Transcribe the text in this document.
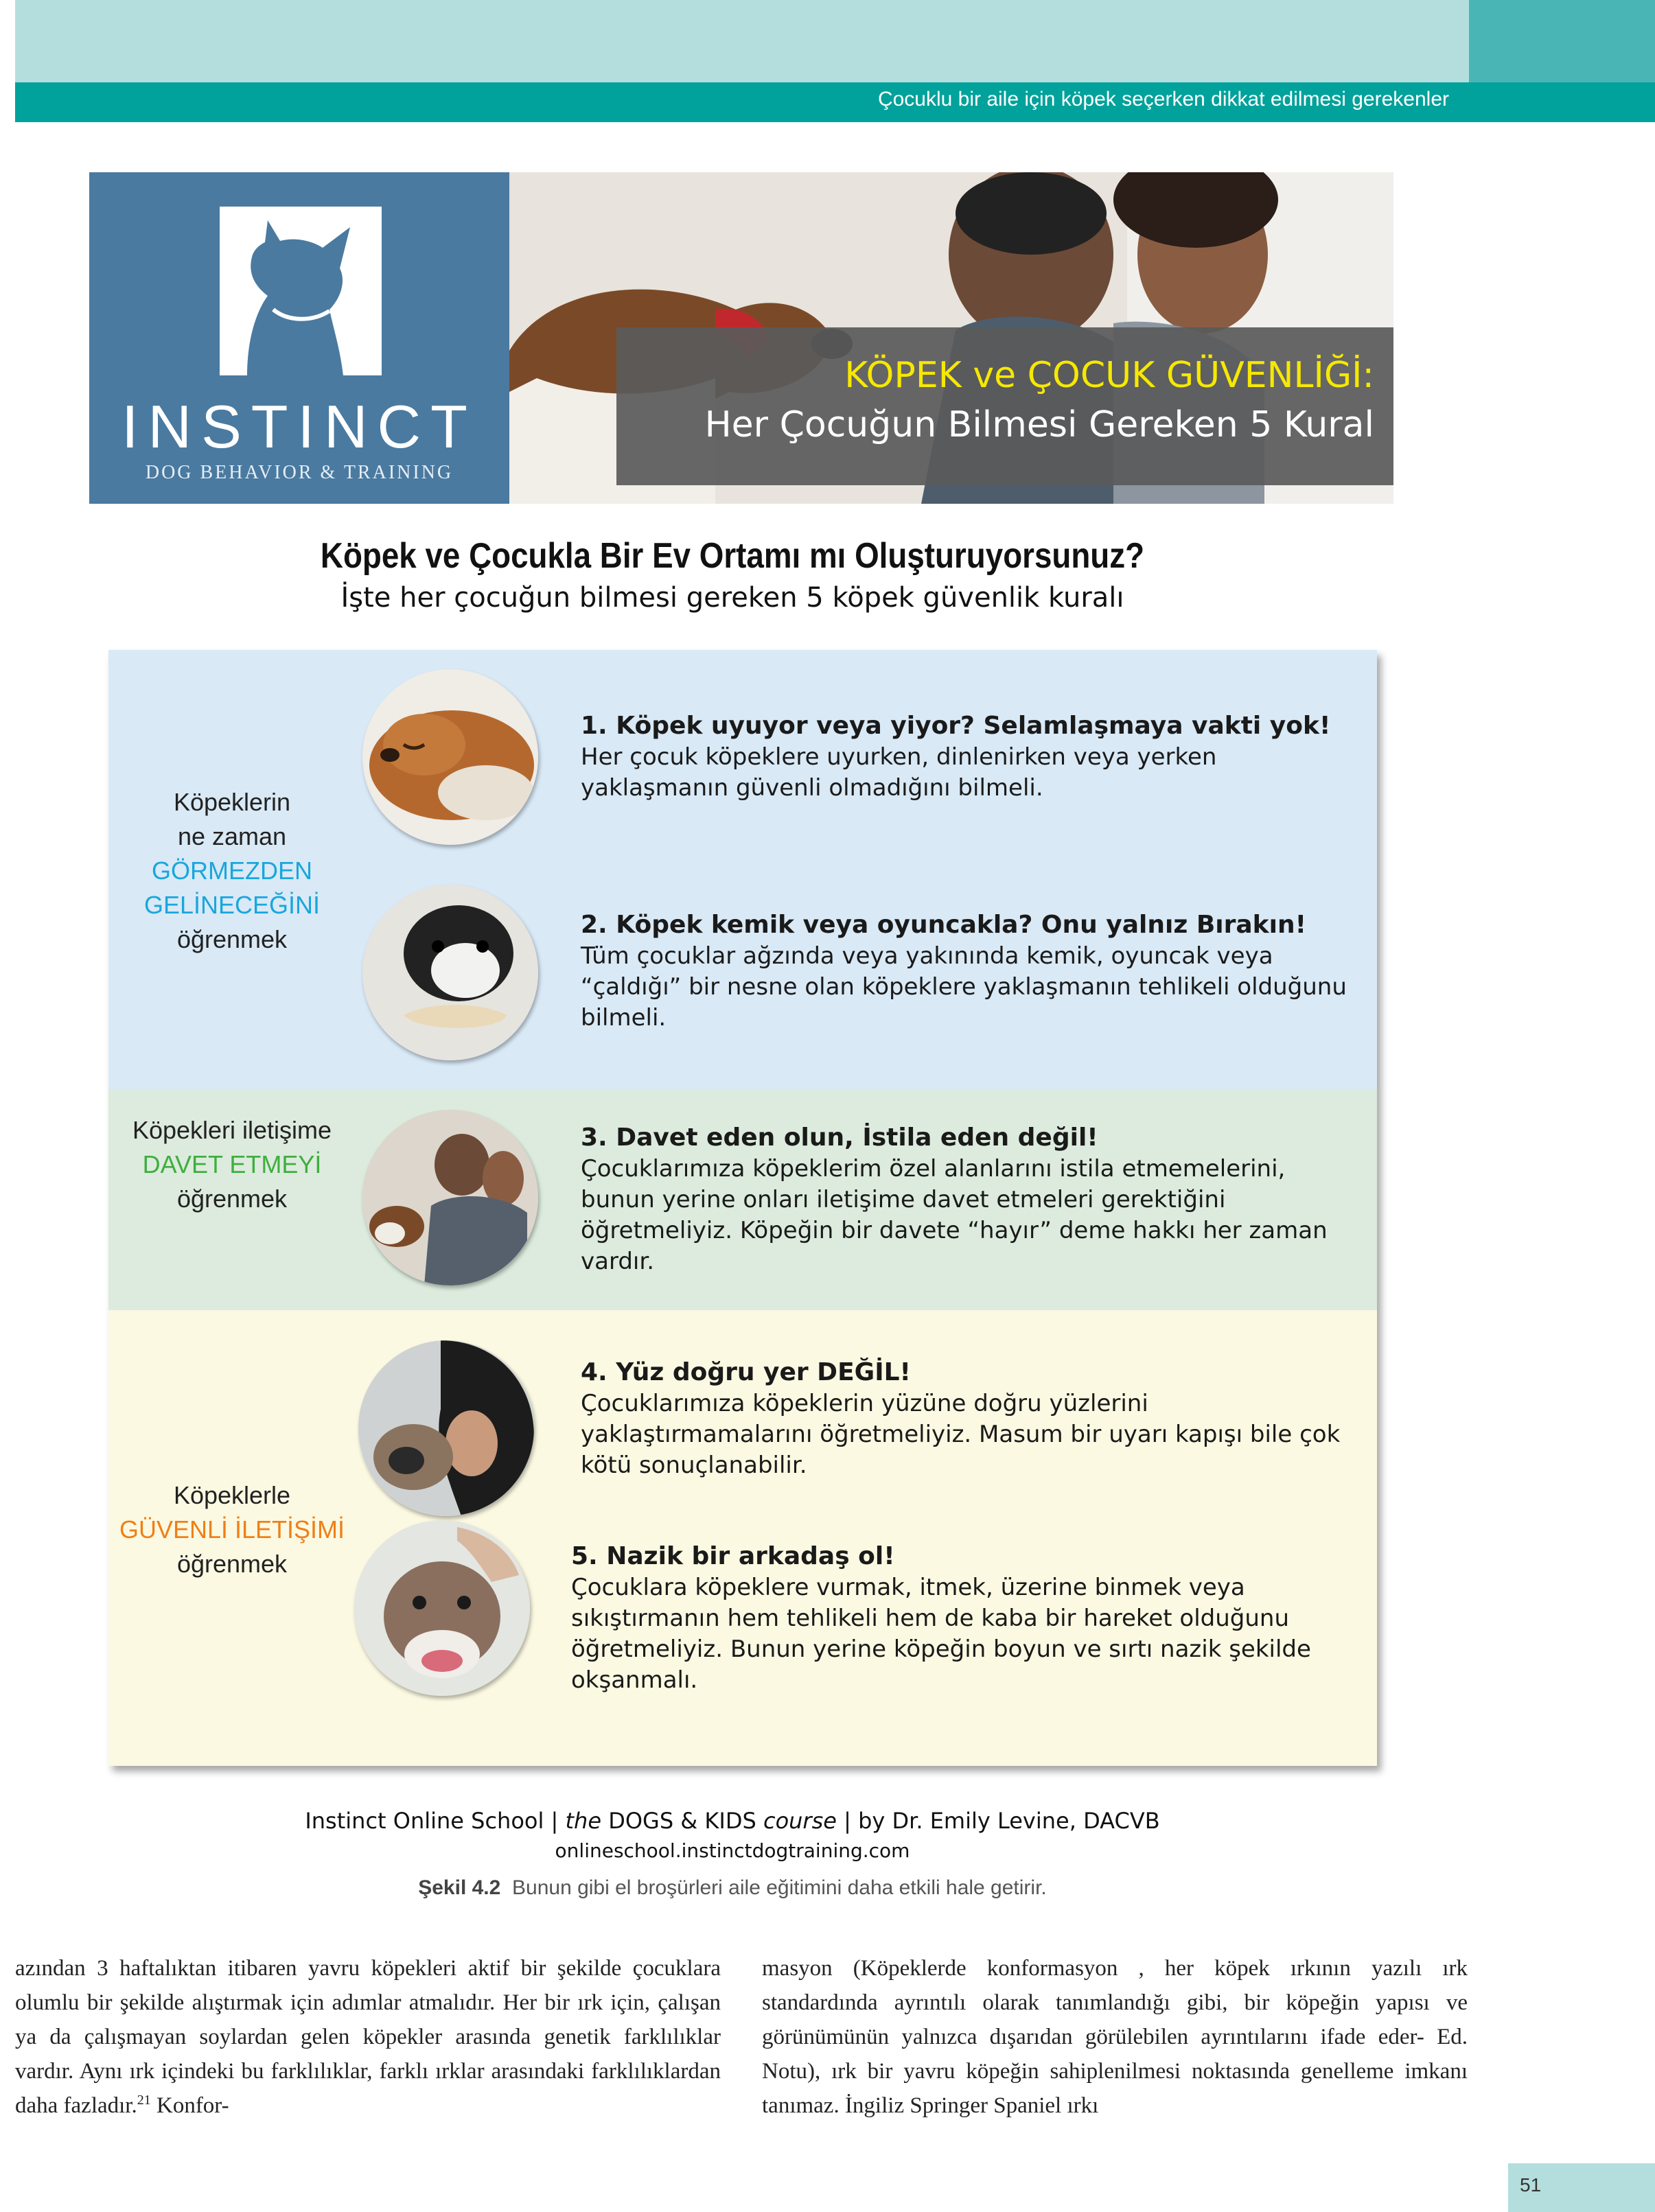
Çocuklu bir aile için köpek seçerken dikkat edilmesi gerekenler
INSTINCT
DOG BEHAVIOR & TRAINING
KÖPEK ve ÇOCUK GÜVENLİĞİ:
Her Çocuğun Bilmesi Gereken 5 Kural
Köpek ve Çocukla Bir Ev Ortamı mı Oluşturuyorsunuz?
İşte her çocuğun bilmesi gereken 5 köpek güvenlik kuralı
Köpeklerin
ne zaman
GÖRMEZDEN
GELİNECEĞİNİ
öğrenmek
1. Köpek uyuyor veya yiyor? Selamlaşmaya vakti yok!
Her çocuk köpeklere uyurken, dinlenirken veya yerken yaklaşmanın güvenli olmadığını bilmeli.
2. Köpek kemik veya oyuncakla? Onu yalnız Bırakın!
Tüm çocuklar ağzında veya yakınında kemik, oyuncak veya “çaldığı” bir nesne olan köpeklere yaklaşmanın tehlikeli olduğunu bilmeli.
Köpekleri iletişime
DAVET ETMEYİ
öğrenmek
3. Davet eden olun, İstila eden değil!
Çocuklarımıza köpeklerim özel alanlarını istila etmemelerini, bunun yerine onları iletişime davet etmeleri gerektiğini öğretmeliyiz. Köpeğin bir davete “hayır” deme hakkı her zaman vardır.
Köpeklerle
GÜVENLİ İLETİŞİMİ
öğrenmek
4. Yüz doğru yer DEĞİL!
Çocuklarımıza köpeklerin yüzüne doğru yüzlerini yaklaştırmamalarını öğretmeliyiz. Masum bir uyarı kapışı bile çok kötü sonuçlanabilir.
5. Nazik bir arkadaş ol!
Çocuklara köpeklere vurmak, itmek, üzerine binmek veya sıkıştırmanın hem tehlikeli hem de kaba bir hareket olduğunu öğretmeliyiz. Bunun yerine köpeğin boyun ve sırtı nazik şekilde okşanmalı.
Instinct Online School | the DOGS & KIDS course | by Dr. Emily Levine, DACVB
onlineschool.instinctdogtraining.com
Şekil 4.2 Bunun gibi el broşürleri aile eğitimini daha etkili hale getirir.
azından 3 haftalıktan itibaren yavru köpekleri aktif bir şekilde çocuklara olumlu bir şekilde alıştırmak için adımlar atmalıdır. Her bir ırk için, çalışan ya da çalışmayan soylardan gelen köpekler arasında genetik farklılıklar vardır. Aynı ırk içindeki bu farklılıklar, farklı ırklar arasındaki farklılıklardan daha fazladır.$^{21}$ Konfor-
masyon (Köpeklerde konformasyon , her köpek ırkının yazılı ırk standardında ayrıntılı olarak tanımlandığı gibi, bir köpeğin yapısı ve görünümünün yalnızca dışarıdan görülebilen ayrıntılarını ifade eder- Ed. Notu), ırk bir yavru köpeğin sahiplenilmesi noktasında genelleme imkanı tanımaz. İngiliz Springer Spaniel ırkı
51
